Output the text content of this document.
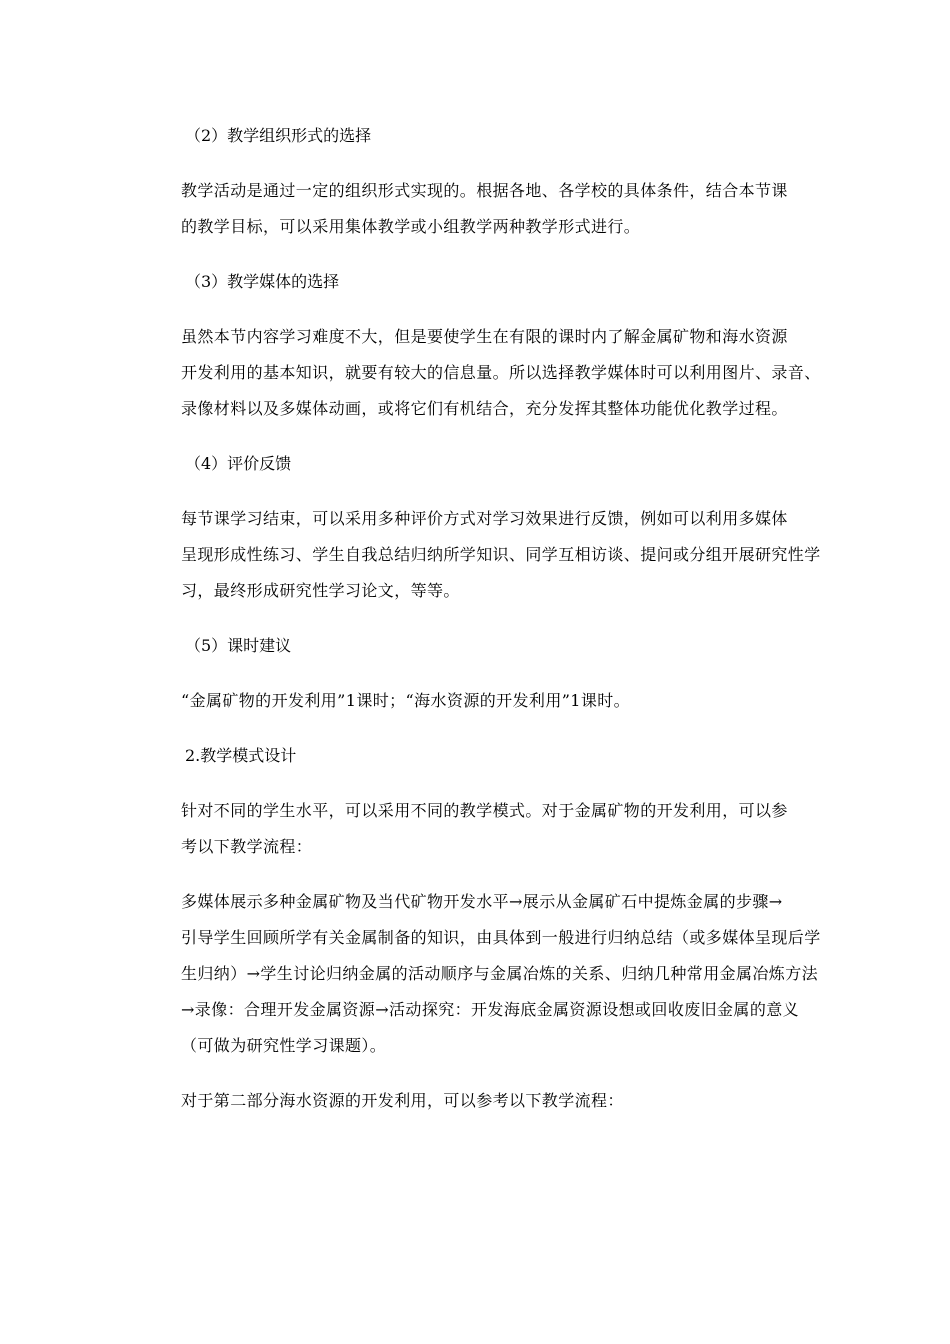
（2）教学组织形式的选择

教学活动是通过一定的组织形式实现的。根据各地、各学校的具体条件，结合本节课
的教学目标，可以采用集体教学或小组教学两种教学形式进行。

（3）教学媒体的选择

虽然本节内容学习难度不大，但是要使学生在有限的课时内了解金属矿物和海水资源
开发利用的基本知识，就要有较大的信息量。所以选择教学媒体时可以利用图片、录音、
录像材料以及多媒体动画，或将它们有机结合，充分发挥其整体功能优化教学过程。

（4）评价反馈

每节课学习结束，可以采用多种评价方式对学习效果进行反馈，例如可以利用多媒体
呈现形成性练习、学生自我总结归纳所学知识、同学互相访谈、提问或分组开展研究性学
习，最终形成研究性学习论文，等等。

（5）课时建议

“金属矿物的开发利用”1课时；“海水资源的开发利用”1课时。

2.教学模式设计

针对不同的学生水平，可以采用不同的教学模式。对于金属矿物的开发利用，可以参
考以下教学流程：

多媒体展示多种金属矿物及当代矿物开发水平→展示从金属矿石中提炼金属的步骤→
引导学生回顾所学有关金属制备的知识，由具体到一般进行归纳总结（或多媒体呈现后学
生归纳）→学生讨论归纳金属的活动顺序与金属冶炼的关系、归纳几种常用金属冶炼方法
→录像：合理开发金属资源→活动探究：开发海底金属资源设想或回收废旧金属的意义
（可做为研究性学习课题）。

对于第二部分海水资源的开发利用，可以参考以下教学流程：
